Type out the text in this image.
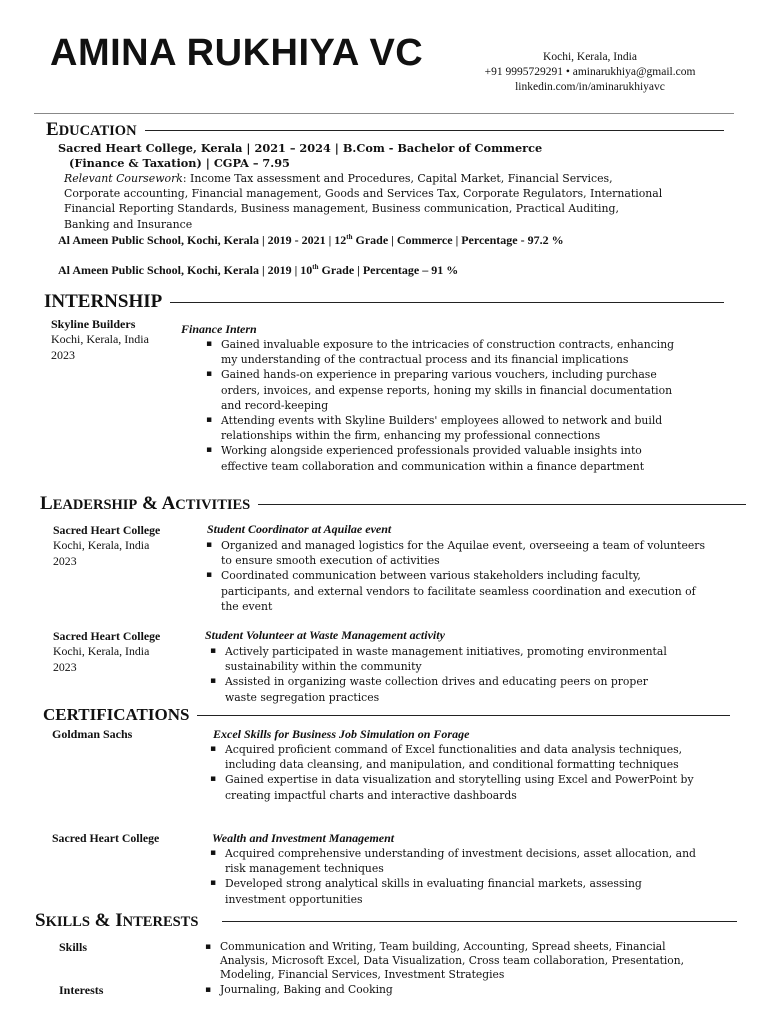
AMINA RUKHIYA VC	Kochi, Kerala, India
+91 9995729291 • aminarukhiya@gmail.com
linkedin.com/in/aminarukhiyavc
EDUCATION
Sacred Heart College, Kerala | 2021 – 2024 | B.Com - Bachelor of Commerce
(Finance & Taxation) | CGPA – 7.95
Relevant Coursework: Income Tax assessment and Procedures, Capital Market, Financial Services, Corporate accounting, Financial management, Goods and Services Tax, Corporate Regulators, International Financial Reporting Standards, Business management, Business communication, Practical Auditing, Banking and Insurance
Al Ameen Public School, Kochi, Kerala | 2019 - 2021 | 12th Grade | Commerce | Percentage - 97.2 %
Al Ameen Public School, Kochi, Kerala | 2019 | 10th Grade | Percentage – 91 %
INTERNSHIP
Skyline Builders
Kochi, Kerala, India
2023
Finance Intern
▪ Gained invaluable exposure to the intricacies of construction contracts, enhancing my understanding of the contractual process and its financial implications
▪ Gained hands-on experience in preparing various vouchers, including purchase orders, invoices, and expense reports, honing my skills in financial documentation and record-keeping
▪ Attending events with Skyline Builders' employees allowed to network and build relationships within the firm, enhancing my professional connections
▪ Working alongside experienced professionals provided valuable insights into effective team collaboration and communication within a finance department
LEADERSHIP & ACTIVITIES
Sacred Heart College
Kochi, Kerala, India
2023
Student Coordinator at Aquilae event
▪ Organized and managed logistics for the Aquilae event, overseeing a team of volunteers to ensure smooth execution of activities
▪ Coordinated communication between various stakeholders including faculty, participants, and external vendors to facilitate seamless coordination and execution of the event
Sacred Heart College
Kochi, Kerala, India
2023
Student Volunteer at Waste Management activity
▪ Actively participated in waste management initiatives, promoting environmental sustainability within the community
▪ Assisted in organizing waste collection drives and educating peers on proper waste segregation practices
CERTIFICATIONS
Goldman Sachs	Excel Skills for Business Job Simulation on Forage
▪ Acquired proficient command of Excel functionalities and data analysis techniques, including data cleansing, and manipulation, and conditional formatting techniques
▪ Gained expertise in data visualization and storytelling using Excel and PowerPoint by creating impactful charts and interactive dashboards
Sacred Heart College	Wealth and Investment Management
▪ Acquired comprehensive understanding of investment decisions, asset allocation, and risk management techniques
▪ Developed strong analytical skills in evaluating financial markets, assessing investment opportunities
SKILLS & INTERESTS
Skills	▪ Communication and Writing, Team building, Accounting, Spread sheets, Financial Analysis, Microsoft Excel, Data Visualization, Cross team collaboration, Presentation, Modeling, Financial Services, Investment Strategies
Interests	▪ Journaling, Baking and Cooking
